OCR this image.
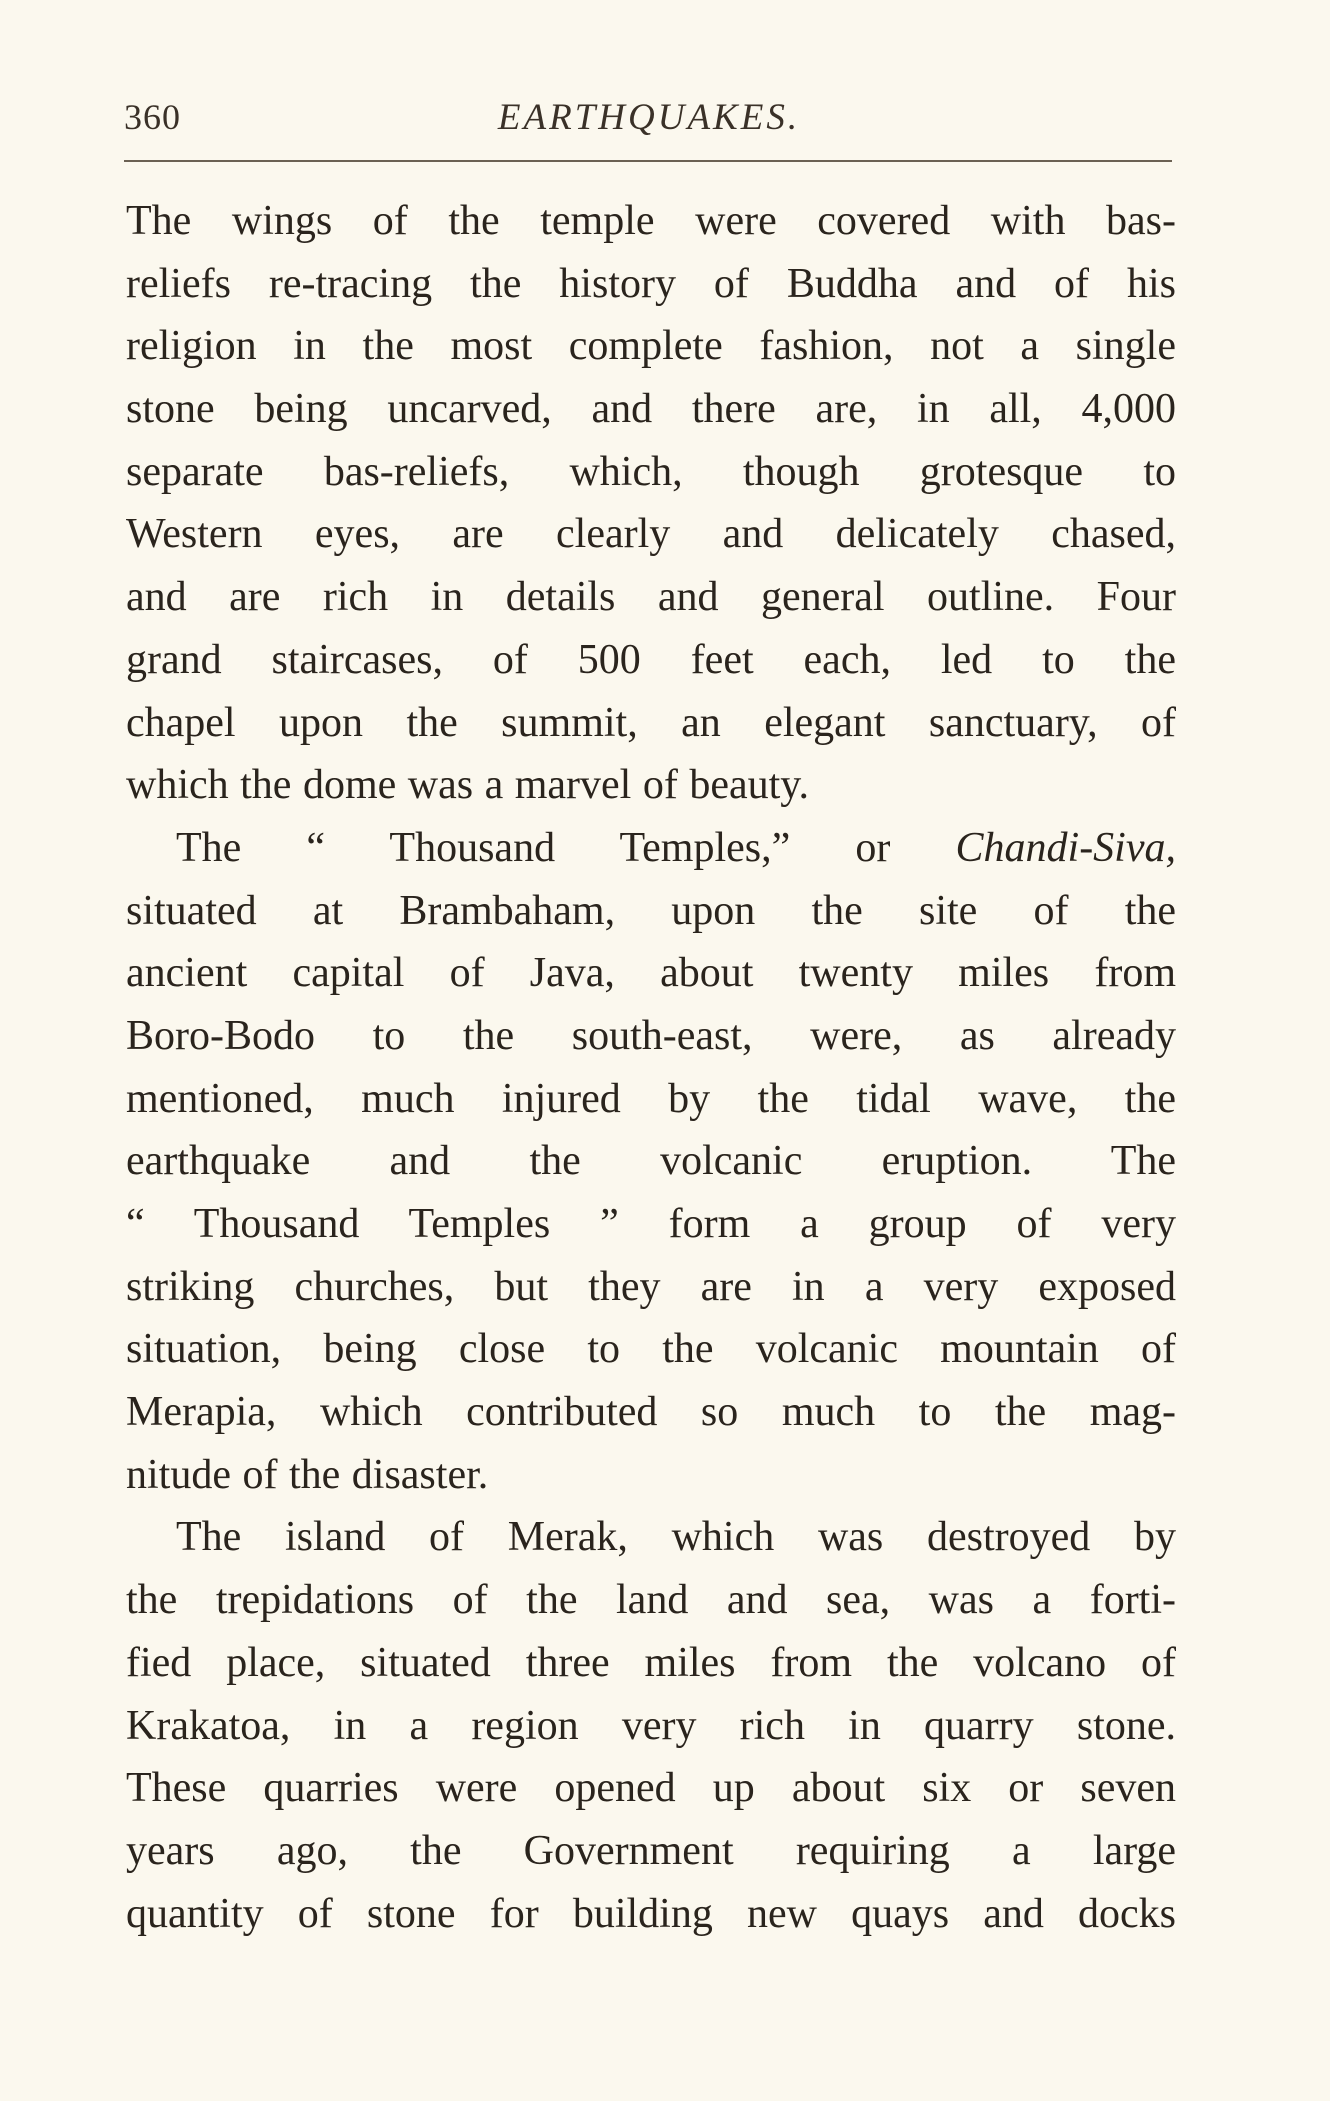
360	EARTHQUAKES.
The wings of the temple were covered with bas-
reliefs re-tracing the history of Buddha and of his
religion in the most complete fashion, not a single
stone being uncarved, and there are, in all, 4,000
separate bas-reliefs, which, though grotesque to
Western eyes, are clearly and delicately chased,
and are rich in details and general outline. Four
grand staircases, of 500 feet each, led to the
chapel upon the summit, an elegant sanctuary, of
which the dome was a marvel of beauty.
The “ Thousand Temples,” or Chandi-Siva,
situated at Brambaham, upon the site of the
ancient capital of Java, about twenty miles from
Boro-Bodo to the south-east, were, as already
mentioned, much injured by the tidal wave, the
earthquake and the volcanic eruption. The
“ Thousand Temples ” form a group of very
striking churches, but they are in a very exposed
situation, being close to the volcanic mountain of
Merapia, which contributed so much to the mag-
nitude of the disaster.
The island of Merak, which was destroyed by
the trepidations of the land and sea, was a forti-
fied place, situated three miles from the volcano of
Krakatoa, in a region very rich in quarry stone.
These quarries were opened up about six or seven
years ago, the Government requiring a large
quantity of stone for building new quays and docks
